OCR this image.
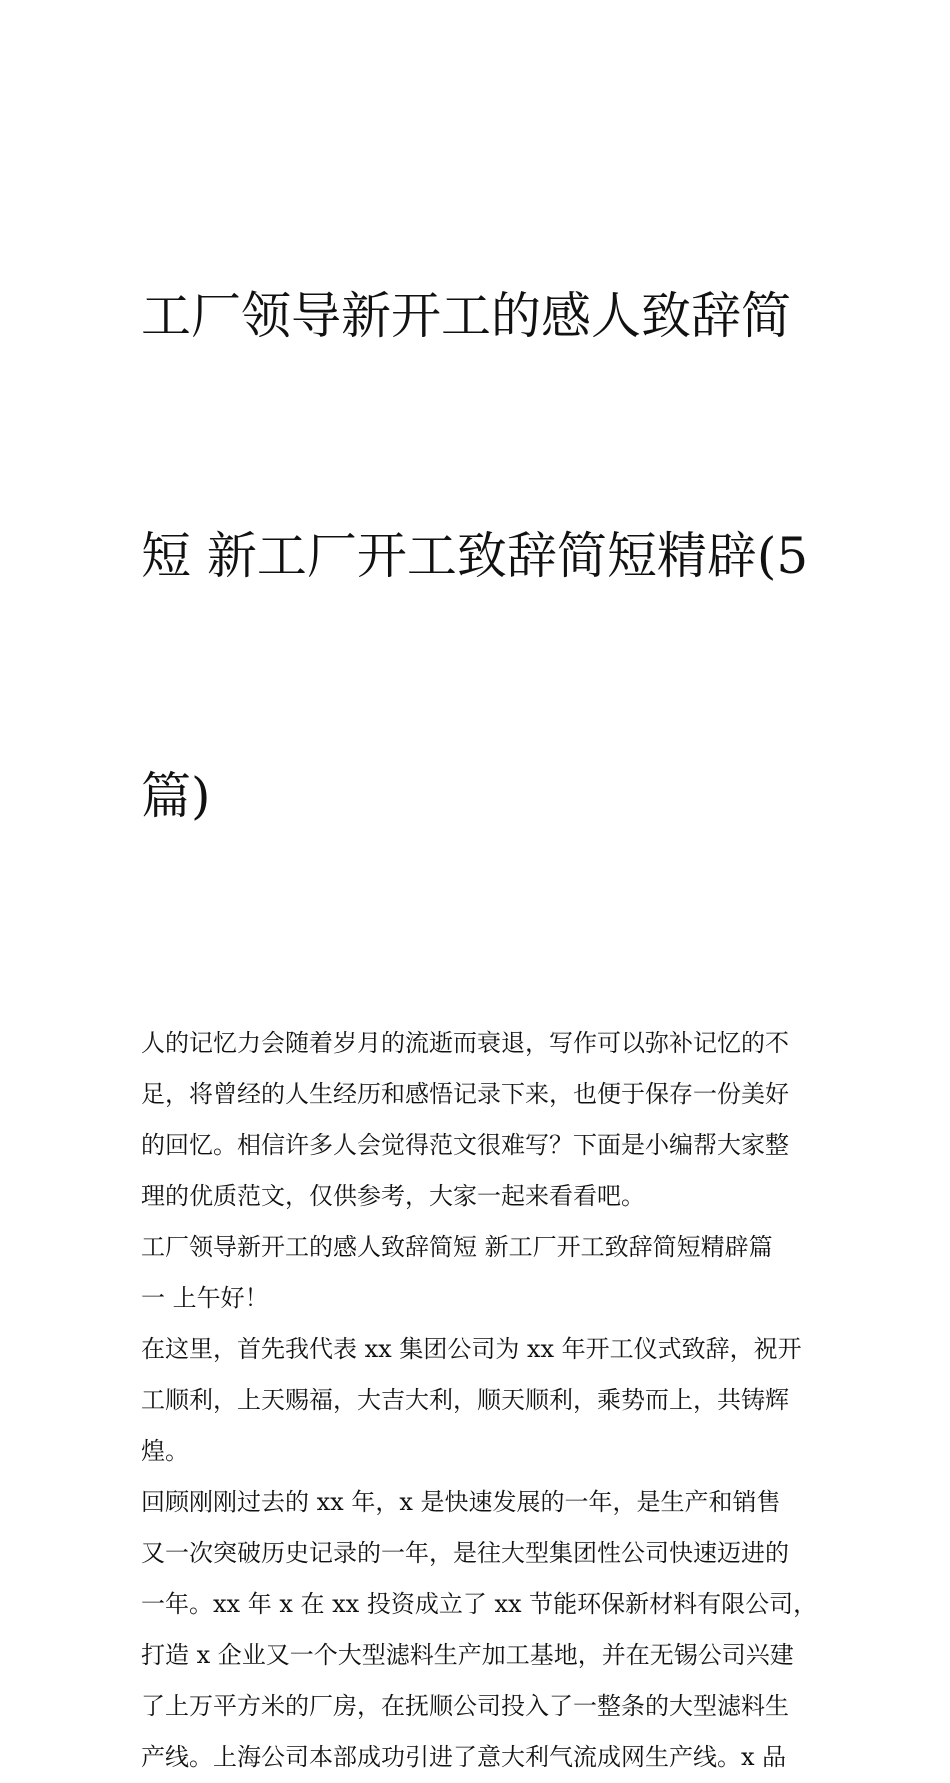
工厂领导新开工的感人致辞简

短 新工厂开工致辞简短精辟(5

篇)

人的记忆力会随着岁月的流逝而衰退，写作可以弥补记忆的不
足，将曾经的人生经历和感悟记录下来，也便于保存一份美好
的回忆。相信许多人会觉得范文很难写？下面是小编帮大家整
理的优质范文，仅供参考，大家一起来看看吧。

工厂领导新开工的感人致辞简短 新工厂开工致辞简短精辟篇
一 上午好！

在这里，首先我代表 xx 集团公司为 xx 年开工仪式致辞，祝开
工顺利，上天赐福，大吉大利，顺天顺利，乘势而上，共铸辉
煌。

回顾刚刚过去的 xx 年，x 是快速发展的一年，是生产和销售
又一次突破历史记录的一年，是往大型集团性公司快速迈进的
一年。xx 年 x 在 xx 投资成立了 xx 节能环保新材料有限公司，
打造 x 企业又一个大型滤料生产加工基地，并在无锡公司兴建
了上万平方米的厂房，在抚顺公司投入了一整条的大型滤料生
产线。上海公司本部成功引进了意大利气流成网生产线。x 品
